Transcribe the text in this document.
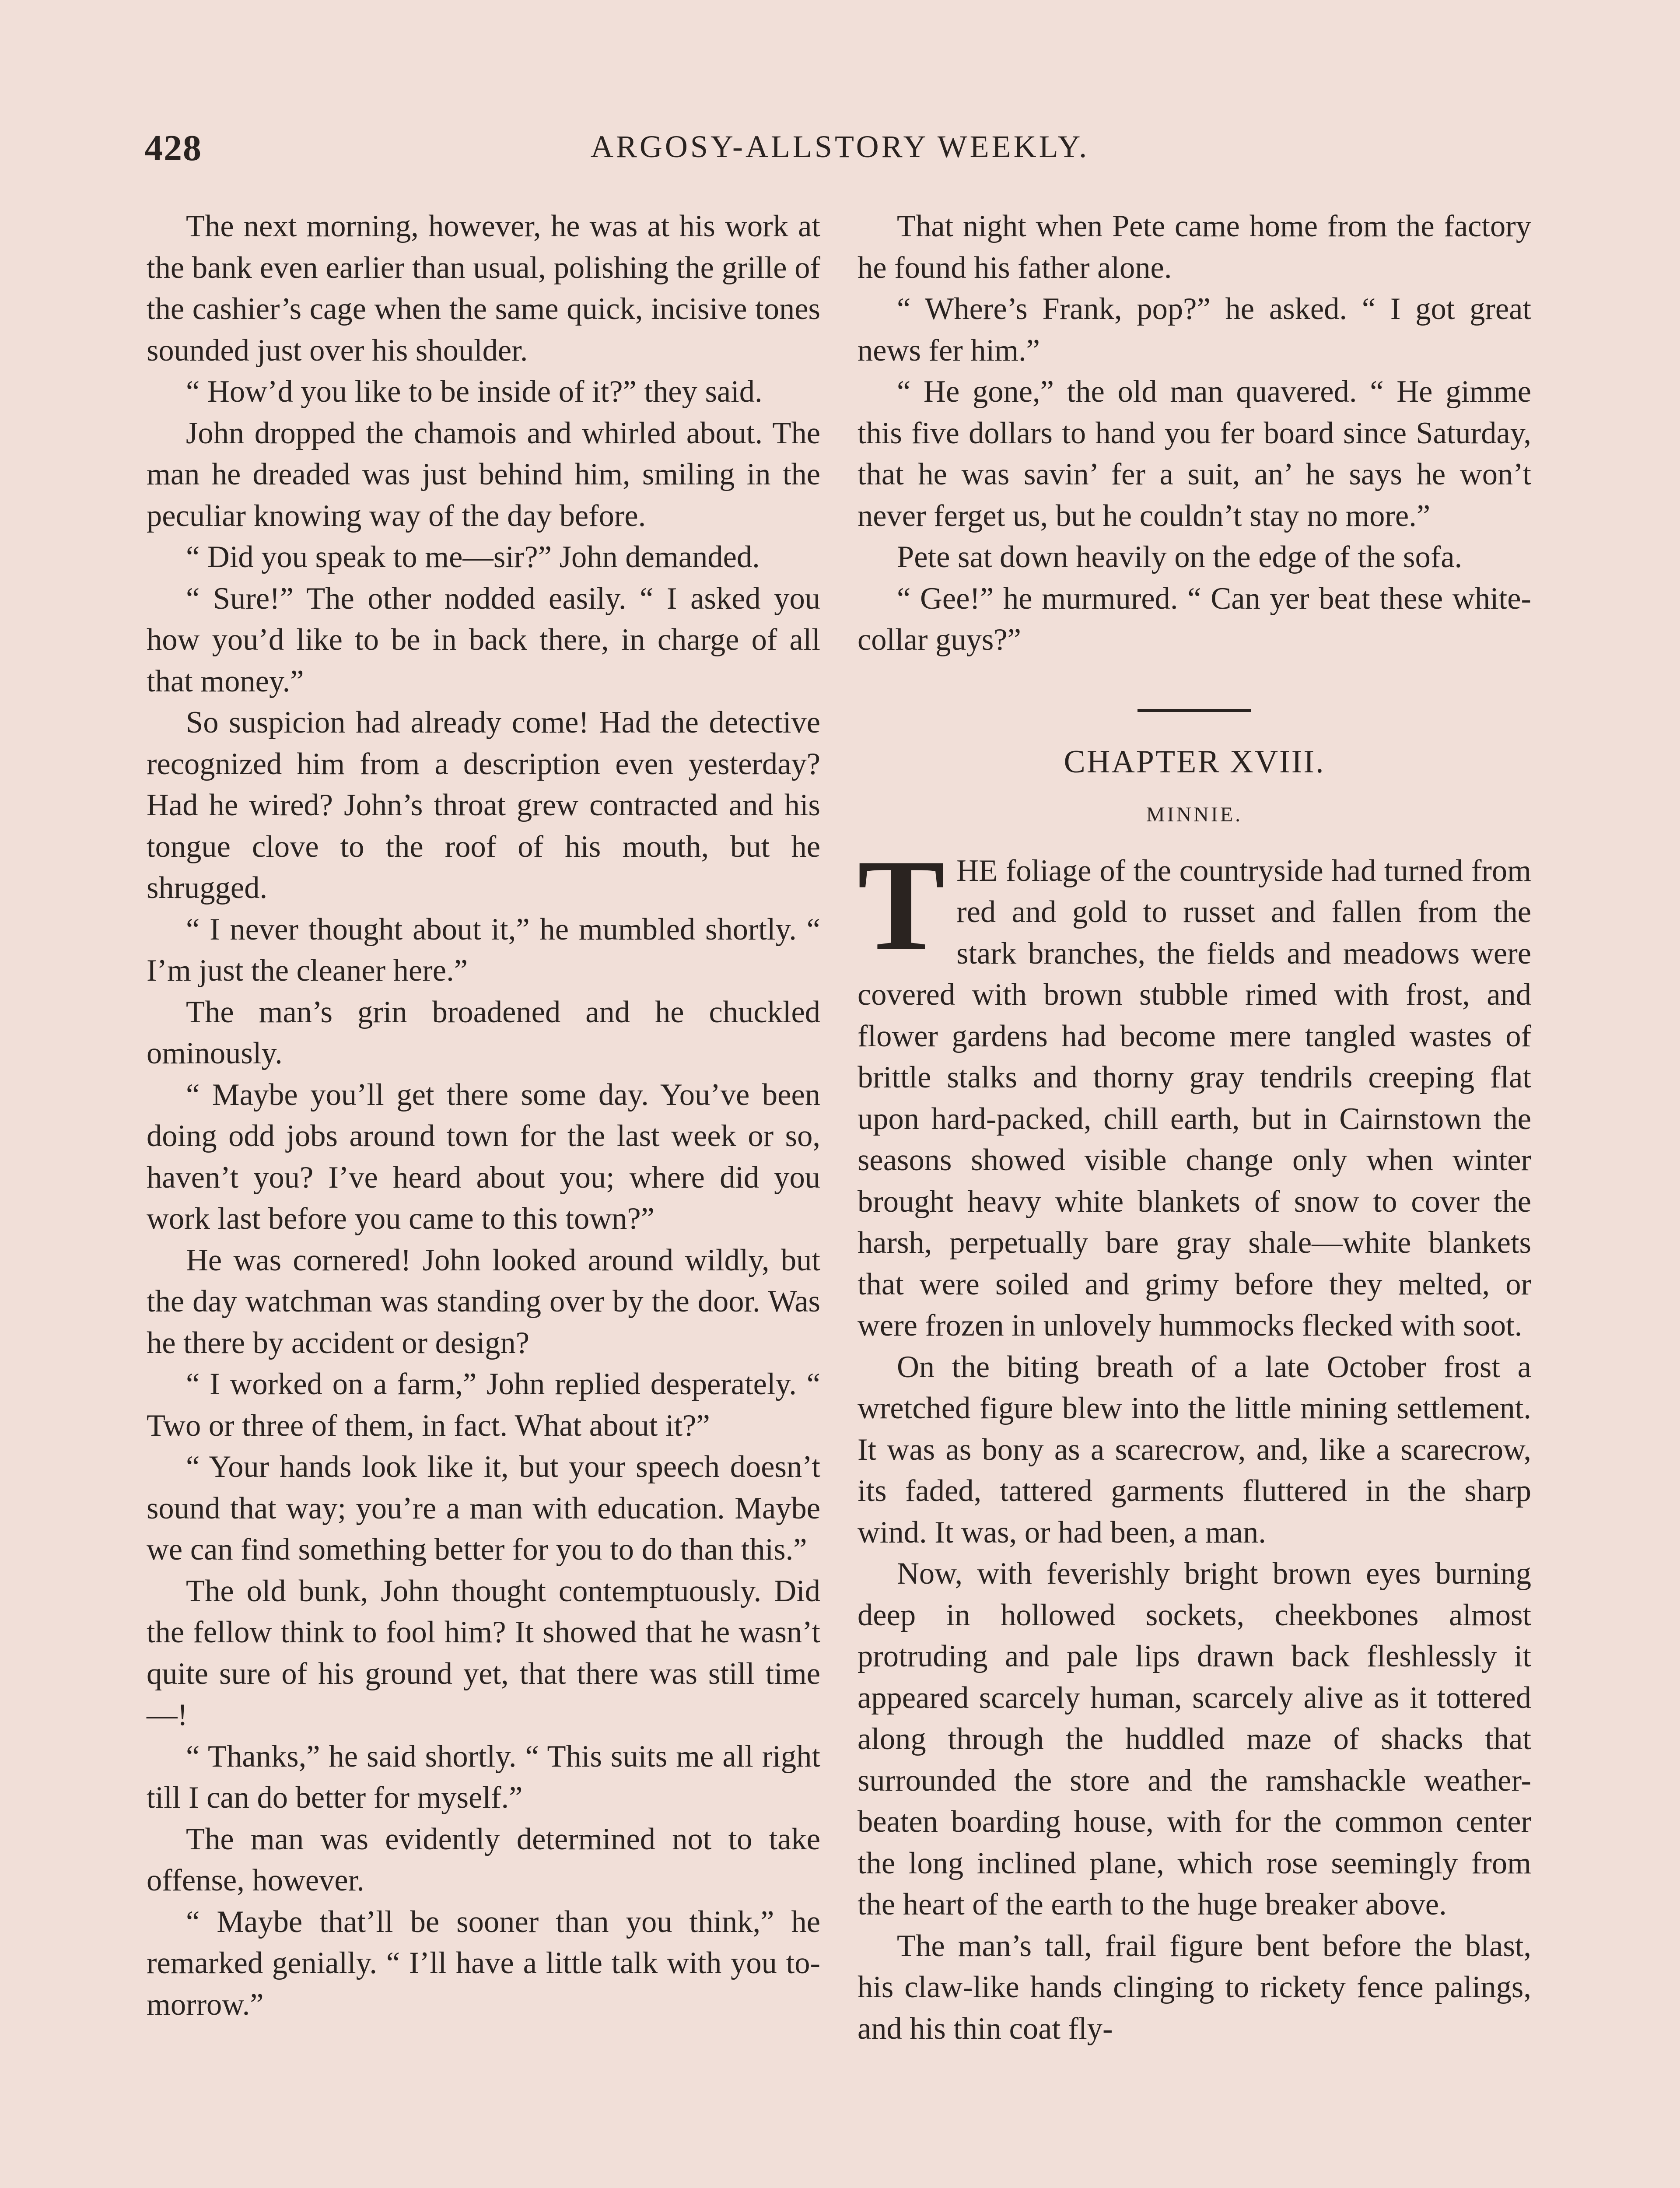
428	ARGOSY-ALLSTORY WEEKLY.

The next morning, however, he was at his work at the bank even earlier than usual, polishing the grille of the cashier’s cage when the same quick, incisive tones sounded just over his shoulder.

“ How’d you like to be inside of it?” they said.

John dropped the chamois and whirled about. The man he dreaded was just behind him, smiling in the peculiar knowing way of the day before.

“ Did you speak to me—sir?” John demanded.

“ Sure!” The other nodded easily. “ I asked you how you’d like to be in back there, in charge of all that money.”

So suspicion had already come! Had the detective recognized him from a description even yesterday? Had he wired? John’s throat grew contracted and his tongue clove to the roof of his mouth, but he shrugged.

“ I never thought about it,” he mumbled shortly. “ I’m just the cleaner here.”

The man’s grin broadened and he chuckled ominously.

“ Maybe you’ll get there some day. You’ve been doing odd jobs around town for the last week or so, haven’t you? I’ve heard about you; where did you work last before you came to this town?”

He was cornered! John looked around wildly, but the day watchman was standing over by the door. Was he there by accident or design?

“ I worked on a farm,” John replied desperately. “ Two or three of them, in fact. What about it?”

“ Your hands look like it, but your speech doesn’t sound that way; you’re a man with education. Maybe we can find something better for you to do than this.”

The old bunk, John thought contemptuously. Did the fellow think to fool him? It showed that he wasn’t quite sure of his ground yet, that there was still time—!

“ Thanks,” he said shortly. “ This suits me all right till I can do better for myself.”

The man was evidently determined not to take offense, however.

“ Maybe that’ll be sooner than you think,” he remarked genially. “ I’ll have a little talk with you to-morrow.”

That night when Pete came home from the factory he found his father alone.

“ Where’s Frank, pop?” he asked. “ I got great news fer him.”

“ He gone,” the old man quavered. “ He gimme this five dollars to hand you fer board since Saturday, that he was savin’ fer a suit, an’ he says he won’t never ferget us, but he couldn’t stay no more.”

Pete sat down heavily on the edge of the sofa.

“ Gee!” he murmured. “ Can yer beat these white-collar guys?”

CHAPTER XVIII.
MINNIE.

THE foliage of the countryside had turned from red and gold to russet and fallen from the stark branches, the fields and meadows were covered with brown stubble rimed with frost, and flower gardens had become mere tangled wastes of brittle stalks and thorny gray tendrils creeping flat upon hard-packed, chill earth, but in Cairnstown the seasons showed visible change only when winter brought heavy white blankets of snow to cover the harsh, perpetually bare gray shale—white blankets that were soiled and grimy before they melted, or were frozen in unlovely hummocks flecked with soot.

On the biting breath of a late October frost a wretched figure blew into the little mining settlement. It was as bony as a scarecrow, and, like a scarecrow, its faded, tattered garments fluttered in the sharp wind. It was, or had been, a man.

Now, with feverishly bright brown eyes burning deep in hollowed sockets, cheekbones almost protruding and pale lips drawn back fleshlessly it appeared scarcely human, scarcely alive as it tottered along through the huddled maze of shacks that surrounded the store and the ramshackle weather-beaten boarding house, with for the common center the long inclined plane, which rose seemingly from the heart of the earth to the huge breaker above.

The man’s tall, frail figure bent before the blast, his claw-like hands clinging to rickety fence palings, and his thin coat fly-
